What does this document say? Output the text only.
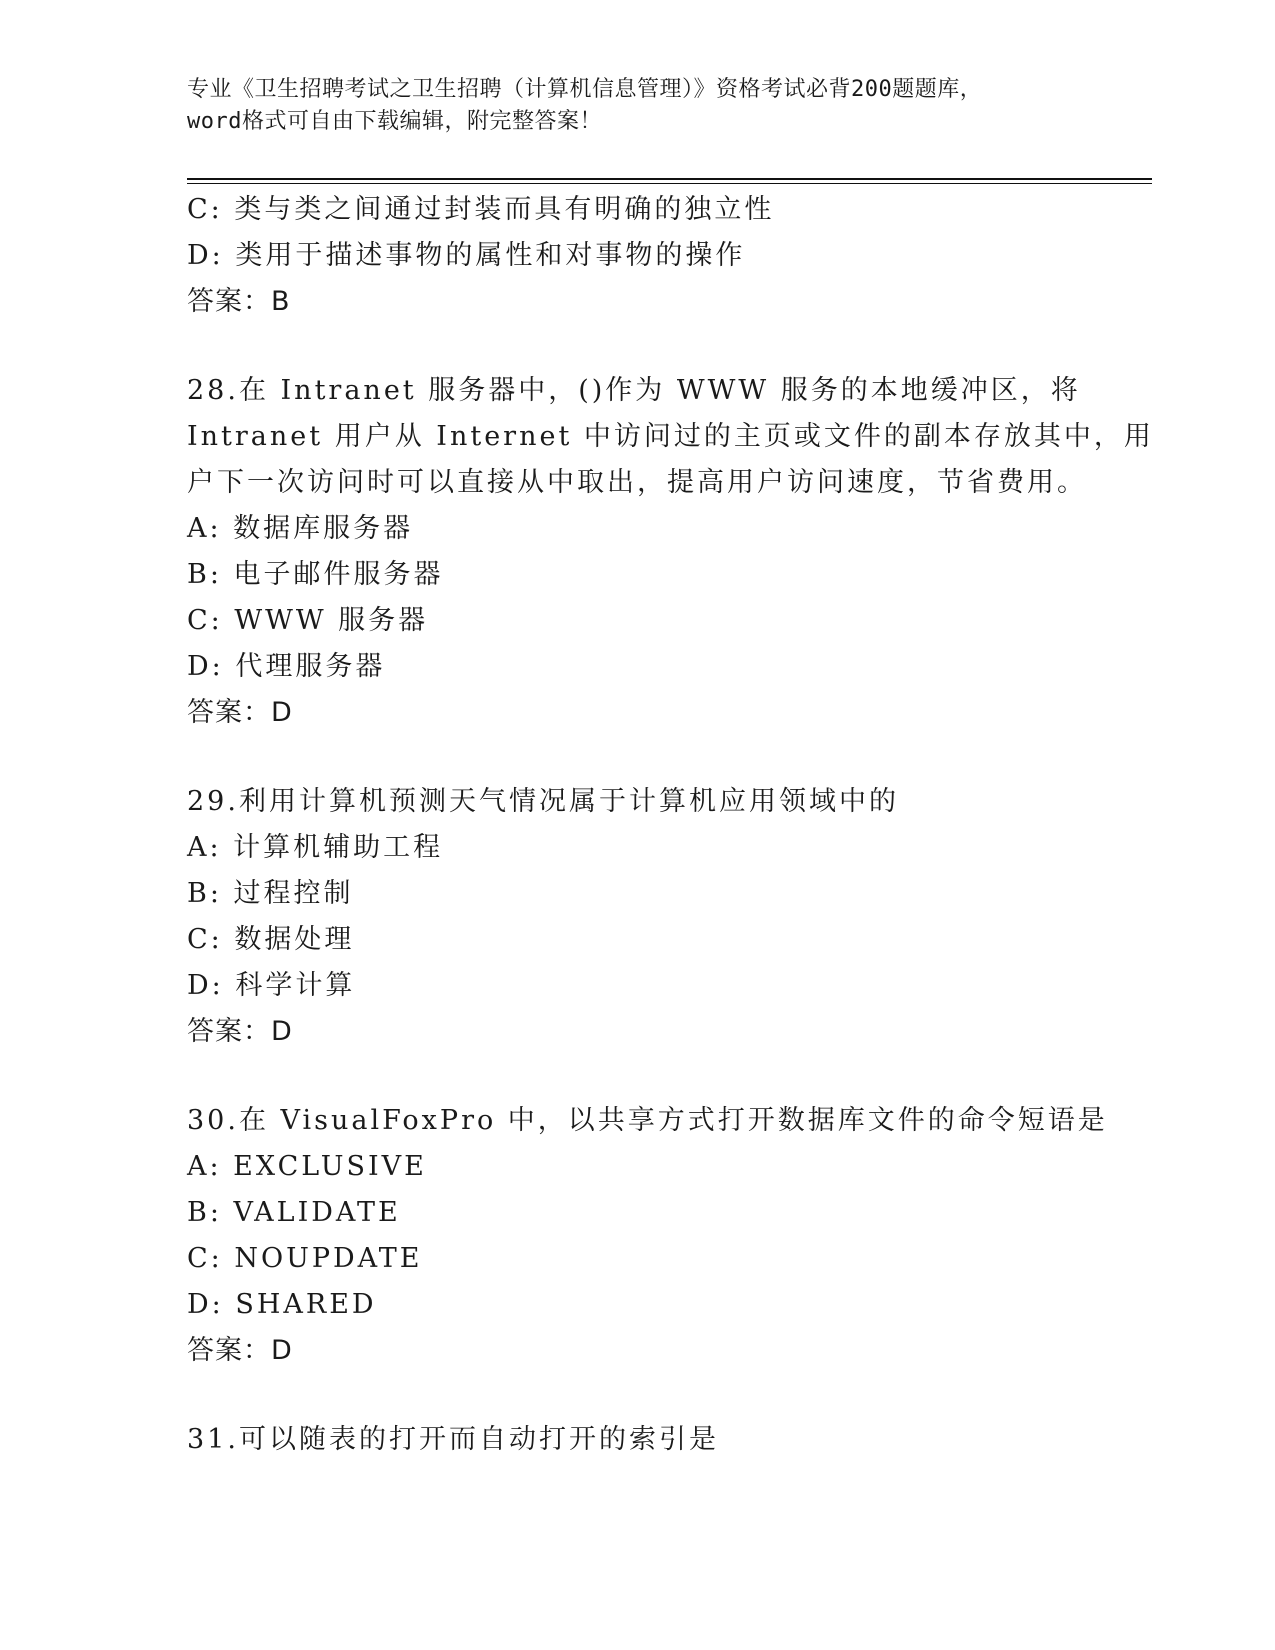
专业《卫生招聘考试之卫生招聘（计算机信息管理）》资格考试必背200题题库，
word格式可自由下载编辑，附完整答案！
C: 类与类之间通过封装而具有明确的独立性
D: 类用于描述事物的属性和对事物的操作
答案：B
28.在 Intranet 服务器中，()作为 WWW 服务的本地缓冲区，将
Intranet 用户从 Internet 中访问过的主页或文件的副本存放其中，用
户下一次访问时可以直接从中取出，提高用户访问速度，节省费用。
A: 数据库服务器
B: 电子邮件服务器
C: WWW 服务器
D: 代理服务器
答案：D
29.利用计算机预测天气情况属于计算机应用领域中的
A: 计算机辅助工程
B: 过程控制
C: 数据处理
D: 科学计算
答案：D
30.在 VisualFoxPro 中，以共享方式打开数据库文件的命令短语是
A: EXCLUSIVE
B: VALIDATE
C: NOUPDATE
D: SHARED
答案：D
31.可以随表的打开而自动打开的索引是
